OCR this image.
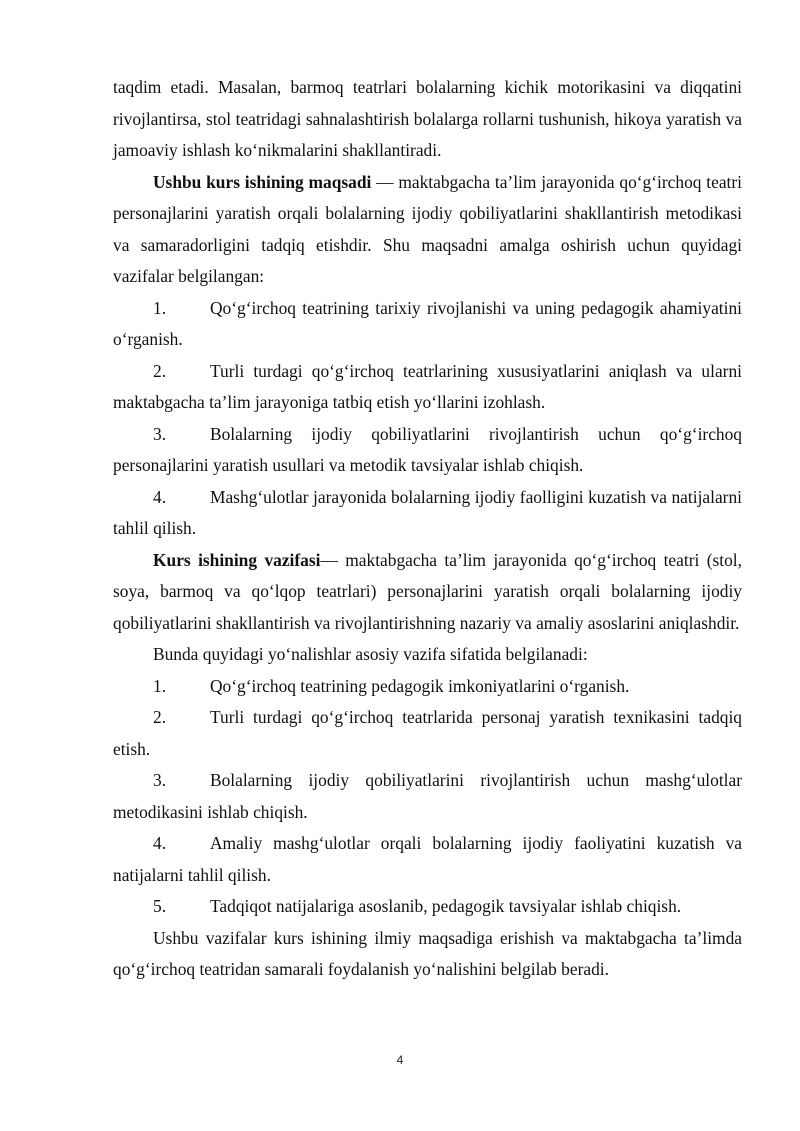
taqdim etadi. Masalan, barmoq teatrlari bolalarning kichik motorikasini va diqqatini rivojlantirsa, stol teatridagi sahnalashtirish bolalarga rollarni tushunish, hikoya yaratish va jamoaviy ishlash ko‘nikmalarini shakllantiradi.

Ushbu kurs ishining maqsadi — maktabgacha ta’lim jarayonida qo‘g‘irchoq teatri personajlarini yaratish orqali bolalarning ijodiy qobiliyatlarini shakllantirish metodikasi va samaradorligini tadqiq etishdir. Shu maqsadni amalga oshirish uchun quyidagi vazifalar belgilangan:

1.	Qo‘g‘irchoq teatrining tarixiy rivojlanishi va uning pedagogik ahamiyatini o‘rganish.

2.	Turli turdagi qo‘g‘irchoq teatrlarining xususiyatlarini aniqlash va ularni maktabgacha ta’lim jarayoniga tatbiq etish yo‘llarini izohlash.

3.	Bolalarning ijodiy qobiliyatlarini rivojlantirish uchun qo‘g‘irchoq personajlarini yaratish usullari va metodik tavsiyalar ishlab chiqish.

4.	Mashg‘ulotlar jarayonida bolalarning ijodiy faolligini kuzatish va natijalarni tahlil qilish.

Kurs ishining vazifasi— maktabgacha ta’lim jarayonida qo‘g‘irchoq teatri (stol, soya, barmoq va qo‘lqop teatrlari) personajlarini yaratish orqali bolalarning ijodiy qobiliyatlarini shakllantirish va rivojlantirishning nazariy va amaliy asoslarini aniqlashdir.

Bunda quyidagi yo‘nalishlar asosiy vazifa sifatida belgilanadi:

1.	Qo‘g‘irchoq teatrining pedagogik imkoniyatlarini o‘rganish.

2.	Turli turdagi qo‘g‘irchoq teatrlarida personaj yaratish texnikasini tadqiq etish.

3.	Bolalarning ijodiy qobiliyatlarini rivojlantirish uchun mashg‘ulotlar metodikasini ishlab chiqish.

4.	Amaliy mashg‘ulotlar orqali bolalarning ijodiy faoliyatini kuzatish va natijalarni tahlil qilish.

5.	Tadqiqot natijalariga asoslanib, pedagogik tavsiyalar ishlab chiqish.

Ushbu vazifalar kurs ishining ilmiy maqsadiga erishish va maktabgacha ta’limda qo‘g‘irchoq teatridan samarali foydalanish yo‘nalishini belgilab beradi.

4
